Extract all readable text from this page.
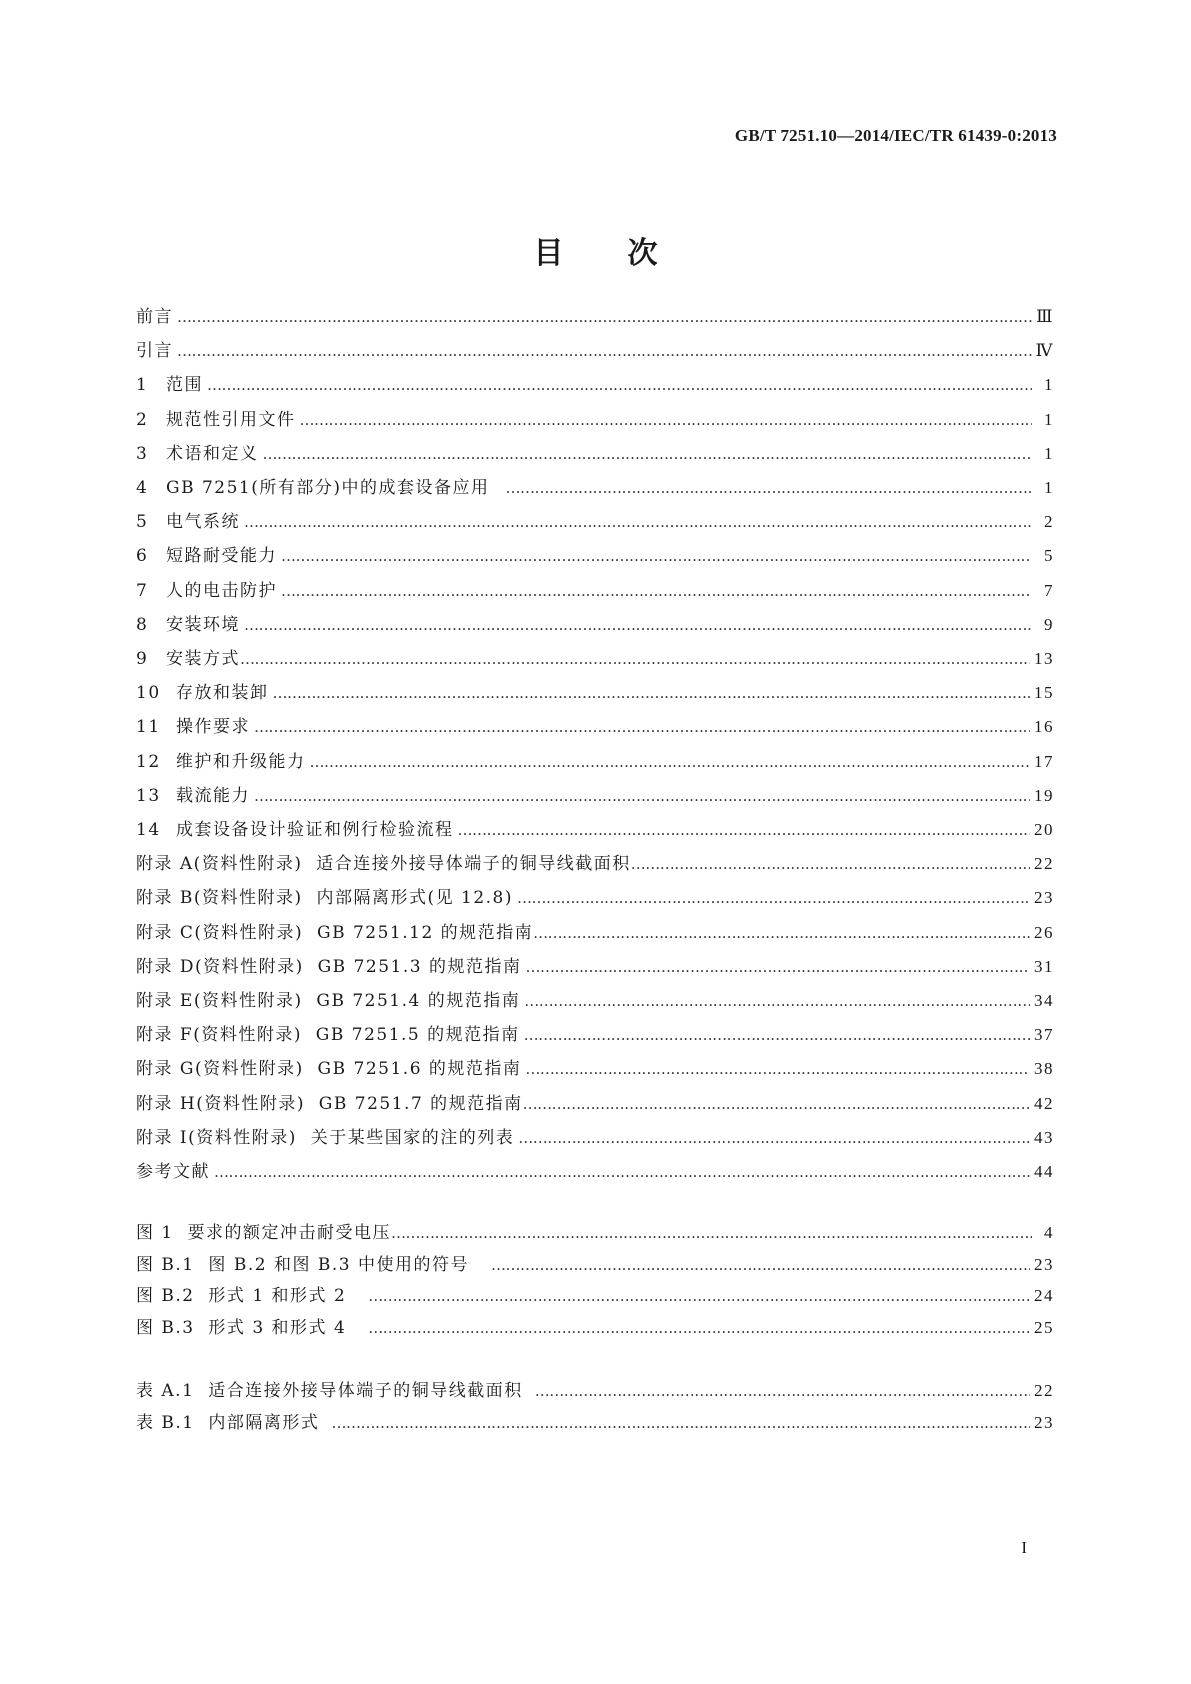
GB/T 7251.10—2014/IEC/TR 61439-0:2013
目次
前言 ……………………………………………………………………………………………………………………………………………………………………………………………………………………………………………………………………	Ⅲ
引言 ……………………………………………………………………………………………………………………………………………………………………………………………………………………………………………………………………	Ⅳ
1	范围 ……………………………………………………………………………………………………………………………………………………………………………………………………………………………………………………………………	1
2	规范性引用文件 ……………………………………………………………………………………………………………………………………………………………………………………………………………………………………………………………………	1
3	术语和定义 ……………………………………………………………………………………………………………………………………………………………………………………………………………………………………………………………………	1
4	GB 7251(所有部分)中的成套设备应用 ……………………………………………………………………………………………………………………………………………………………………………………………………………………………………………………………………	1
5	电气系统 ……………………………………………………………………………………………………………………………………………………………………………………………………………………………………………………………………	2
6	短路耐受能力 ……………………………………………………………………………………………………………………………………………………………………………………………………………………………………………………………………	5
7	人的电击防护 ……………………………………………………………………………………………………………………………………………………………………………………………………………………………………………………………………	7
8	安装环境 ……………………………………………………………………………………………………………………………………………………………………………………………………………………………………………………………………	9
9	安装方式 ……………………………………………………………………………………………………………………………………………………………………………………………………………………………………………………………………	13
10 存放和装卸 ……………………………………………………………………………………………………………………………………………………………………………………………………………………………………………………………………	15
11 操作要求 ……………………………………………………………………………………………………………………………………………………………………………………………………………………………………………………………………	16
12 维护和升级能力 ……………………………………………………………………………………………………………………………………………………………………………………………………………………………………………………………………	17
13 载流能力 ……………………………………………………………………………………………………………………………………………………………………………………………………………………………………………………………………	19
14 成套设备设计验证和例行检验流程 ……………………………………………………………………………………………………………………………………………………………………………………………………………………………………………………………………	20
附录 A(资料性附录)  适合连接外接导体端子的铜导线截面积 ……………………………………………………………………………………………………………………………………………………………………………………………………………………………………………………………………	22
附录 B(资料性附录)  内部隔离形式(见 12.8) ……………………………………………………………………………………………………………………………………………………………………………………………………………………………………………………………………	23
附录 C(资料性附录)  GB 7251.12 的规范指南 ……………………………………………………………………………………………………………………………………………………………………………………………………………………………………………………………………	26
附录 D(资料性附录)  GB 7251.3 的规范指南 ……………………………………………………………………………………………………………………………………………………………………………………………………………………………………………………………………	31
附录 E(资料性附录)  GB 7251.4 的规范指南 ……………………………………………………………………………………………………………………………………………………………………………………………………………………………………………………………………	34
附录 F(资料性附录)  GB 7251.5 的规范指南 ……………………………………………………………………………………………………………………………………………………………………………………………………………………………………………………………………	37
附录 G(资料性附录)  GB 7251.6 的规范指南 ……………………………………………………………………………………………………………………………………………………………………………………………………………………………………………………………………	38
附录 H(资料性附录)  GB 7251.7 的规范指南 ……………………………………………………………………………………………………………………………………………………………………………………………………………………………………………………………………	42
附录 I(资料性附录)  关于某些国家的注的列表 ……………………………………………………………………………………………………………………………………………………………………………………………………………………………………………………………………	43
参考文献 ……………………………………………………………………………………………………………………………………………………………………………………………………………………………………………………………………	44
图 1  要求的额定冲击耐受电压 ……………………………………………………………………………………………………………………………………………………………………………………………………………………………………………………………………	4
图 B.1  图 B.2 和图 B.3 中使用的符号 ……………………………………………………………………………………………………………………………………………………………………………………………………………………………………………………………………	23
图 B.2  形式 1 和形式 2 ……………………………………………………………………………………………………………………………………………………………………………………………………………………………………………………………………	24
图 B.3  形式 3 和形式 4 ……………………………………………………………………………………………………………………………………………………………………………………………………………………………………………………………………	25
表 A.1  适合连接外接导体端子的铜导线截面积 ……………………………………………………………………………………………………………………………………………………………………………………………………………………………………………………………………	22
表 B.1  内部隔离形式 ……………………………………………………………………………………………………………………………………………………………………………………………………………………………………………………………………	23
I
